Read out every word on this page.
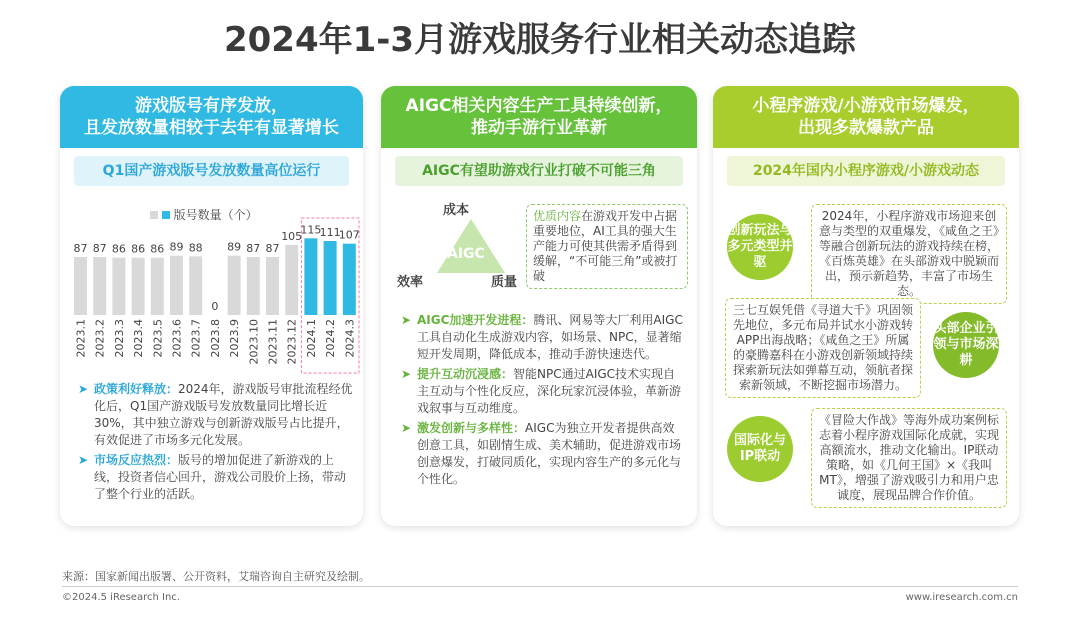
2024年1-3月游戏服务行业相关动态追踪
游戏版号有序发放，
且发放数量相较于去年有显著增长
Q1国产游戏版号发放数量高位运行
版号数量（个）
87
2023.1
87
2023.2
86
2023.3
86
2023.4
86
2023.5
89
2023.6
88
2023.7
0
2023.8
89
2023.9
87
2023.10
87
2023.11
105
2023.12
115
2024.1
111
2024.2
107
2024.3
➤ 政策利好释放：2024年，游戏版号审批流程经优化后，Q1国产游戏版号发放数量同比增长近30%，其中独立游戏与创新游戏版号占比提升，有效促进了市场多元化发展。
➤ 市场反应热烈：版号的增加促进了新游戏的上线，投资者信心回升，游戏公司股价上扬，带动了整个行业的活跃。
AIGC相关内容生产工具持续创新，
推动手游行业革新
AIGC有望助游戏行业打破不可能三角
成本
AIGC
效率	质量
优质内容在游戏开发中占据重要地位，AI工具的强大生产能力可使其供需矛盾得到缓解，“不可能三角”或被打破
➤ AIGC加速开发进程：腾讯、网易等大厂利用AIGC工具自动化生成游戏内容，如场景、NPC，显著缩短开发周期，降低成本，推动手游快速迭代。
➤ 提升互动沉浸感：智能NPC通过AIGC技术实现自主互动与个性化反应，深化玩家沉浸体验，革新游戏叙事与互动维度。
➤ 激发创新与多样性：AIGC为独立开发者提供高效创意工具，如剧情生成、美术辅助，促进游戏市场创意爆发，打破同质化，实现内容生产的多元化与个性化。
小程序游戏/小游戏市场爆发，
出现多款爆款产品
2024年国内小程序游戏/小游戏动态
创新玩法与多元类型并驱
2024年，小程序游戏市场迎来创意与类型的双重爆发，《咸鱼之王》等融合创新玩法的游戏持续在榜，《百炼英雄》在头部游戏中脱颖而出，预示新趋势，丰富了市场生态。
三七互娱凭借《寻道大千》巩固领先地位，多元布局并试水小游戏转APP出海战略；《咸鱼之王》所属的豪腾嘉科在小游戏创新领域持续探索新玩法如弹幕互动，领航者探索新领域，不断挖掘市场潜力。
头部企业引领与市场深耕
国际化与IP联动
《冒险大作战》等海外成功案例标志着小程序游戏国际化成就，实现高额流水，推动文化输出。IP联动策略，如《几何王国》×《我叫MT》，增强了游戏吸引力和用户忠诚度，展现品牌合作价值。
来源：国家新闻出版署、公开资料，艾瑞咨询自主研究及绘制。
©2024.5 iResearch Inc.	www.iresearch.com.cn
